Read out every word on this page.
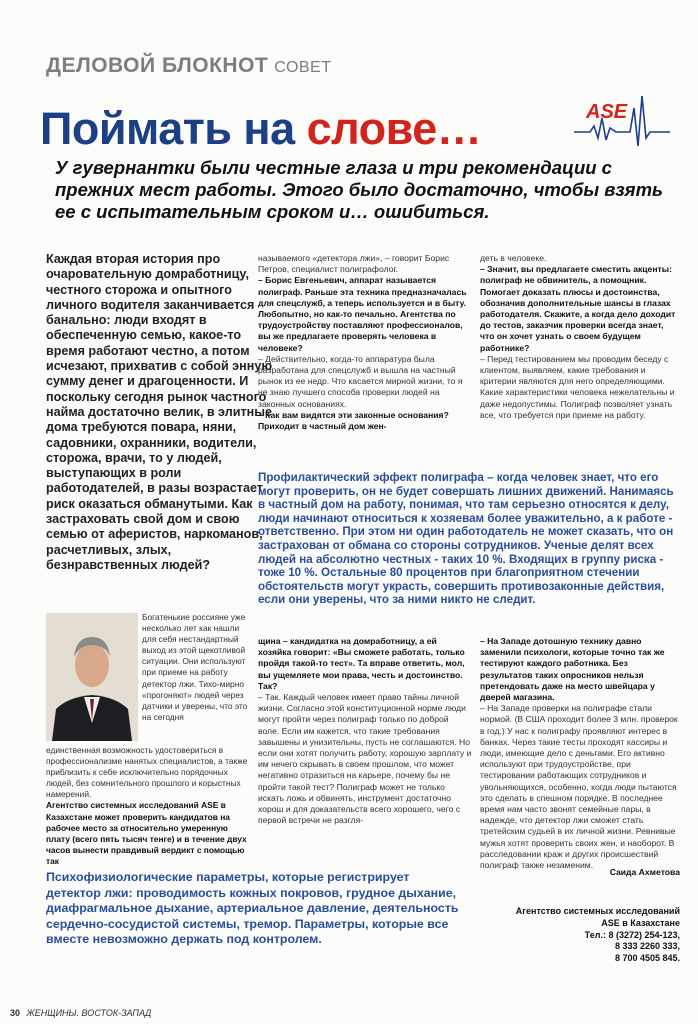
ДЕЛОВОЙ БЛОКНОТ СОВЕТ
Поймать на слове…	ASE
У гувернантки были честные глаза и три рекомендации с прежних мест работы. Этого было достаточно, чтобы взять ее с испытательным сроком и… ошибиться.
Каждая вторая история про очаровательную домработницу, честного сторожа и опытного личного водителя заканчивается банально: люди входят в обеспеченную семью, какое-то время работают честно, а потом исчезают, прихватив с собой энную сумму денег и драгоценности. И поскольку сегодня рынок частного найма достаточно велик, в элитные дома требуются повара, няни, садовники, охранники, водители, сторожа, врачи, то у людей, выступающих в роли работодателей, в разы возрастает риск оказаться обманутыми. Как застраховать свой дом и свою семью от аферистов, наркоманов, расчетливых, злых, безнравственных людей?

называемого «детектора лжи», – говорит Борис Петров, специалист полиграфолог.

– Борис Евгеньевич, аппарат называется полиграф. Раньше эта техника предназначалась для спецслужб, а теперь используется и в быту. Любопытно, но как-то печально. Агентства по трудоустройству поставляют профессионалов, вы же предлагаете проверять человека в человеке?

– Действительно, когда-то аппаратура была разработана для спецслужб и вышла на частный рынок из ее недр. Что касается мирной жизни, то я не знаю лучшего способа проверки людей на законных основаниях.

– Как вам видятся эти законные основания? Приходит в частный дом жен-

деть в человеке.

– Значит, вы предлагаете сместить акценты: полиграф не обвинитель, а помощник. Помогает доказать плюсы и достоинства, обозначив дополнительные шансы в глазах работодателя. Скажите, а когда дело доходит до тестов, заказчик проверки всегда знает, что он хочет узнать о своем будущем работнике?

– Перед тестированием мы проводим беседу с клиентом, выявляем, какие требования и критерии являются для него определяющими. Какие характеристики человека нежелательны и даже недопустимы. Полиграф позволяет узнать все, что требуется при приеме на работу.

Профилактический эффект полиграфа – когда человек знает, что его могут проверить, он не будет совершать лишних движений. Нанимаясь в частный дом на работу, понимая, что там серьезно относятся к делу, люди начинают относиться к хозяевам более уважительно, а к работе - ответственно. При этом ни один работодатель не может сказать, что он застрахован от обмана со стороны сотрудников. Ученые делят всех людей на абсолютно честных - таких 10 %. Входящих в группу риска - тоже 10 %. Остальные 80 процентов при благоприятном стечении обстоятельств могут украсть, совершить противозаконные действия, если они уверены, что за ними никто не следит.
Богатенькие россияне уже несколько лет как нашли для себя нестандартный выход из этой щекотливой ситуации. Они используют при приеме на работу детектор лжи. Тихо-мирно «прогоняют» людей через датчики и уверены, что это на сегодня

единственная возможность удостовериться в профессионализме нанятых специалистов, а также приблизить к себе исключительно порядочных людей, без сомнительного прошлого и корыстных намерений.

Агентство системных исследований ASE в Казахстане может проверить кандидатов на рабочее место за относительно умеренную плату (всего пять тысяч тенге) и в течение двух часов вынести правдивый вердикт с помощью так

щина – кандидатка на домработницу, а ей хозяйка говорит: «Вы сможете работать, только пройдя такой-то тест». Та вправе ответить, мол, вы ущемляете мои права, честь и достоинство. Так?

– Так. Каждый человек имеет право тайны личной жизни. Согласно этой конституционной норме люди могут пройти через полиграф только по доброй воле. Если им кажется, что такие требования завышены и унизительны, пусть не соглашаются. Но если они хотят получить работу, хорошую зарплату и им нечего скрывать в своем прошлом, что может негативно отразиться на карьере, почему бы не пройти такой тест? Полиграф может не только искать ложь и обвинять, инструмент достаточно хорош и для доказательств всего хорошего, чего с первой встречи не разгля-

– На Западе дотошную технику давно заменили психологи, которые точно так же тестируют каждого работника. Без результатов таких опросников нельзя претендовать даже на место швейцара у дверей магазина.

– На Западе проверки на полиграфе стали нормой. (В США проходит более 3 млн. проверок в год.) У нас к полиграфу проявляют интерес в банках. Через такие тесты проходят кассиры и люди, имеющие дело с деньгами. Его активно используют при трудоустройстве, при тестировании работающих сотрудников и увольняющихся, особенно, когда люди пытаются это сделать в спешном порядке. В последнее время нам часто звонят семейные пары, в надежде, что детектор лжи сможет стать третейским судьей в их личной жизни. Ревнивые мужья хотят проверить своих жен, и наоборот. В расследовании краж и других происшествий полиграф также незаменим.

Саида Ахметова
Психофизиологические параметры, которые регистрирует детектор лжи: проводимость кожных покровов, грудное дыхание, диафрагмальное дыхание, артериальное давление, деятельность сердечно-сосудистой системы, тремор. Параметры, которые все вместе невозможно держать под контролем.

Агентство системных исследований

ASE в Казахстане

Тел.: 8 (3272) 254-123,

8 333 2260 333,

8 700 4505 845.

30 ЖЕНЩИНЫ. ВОСТОК-ЗАПАД
